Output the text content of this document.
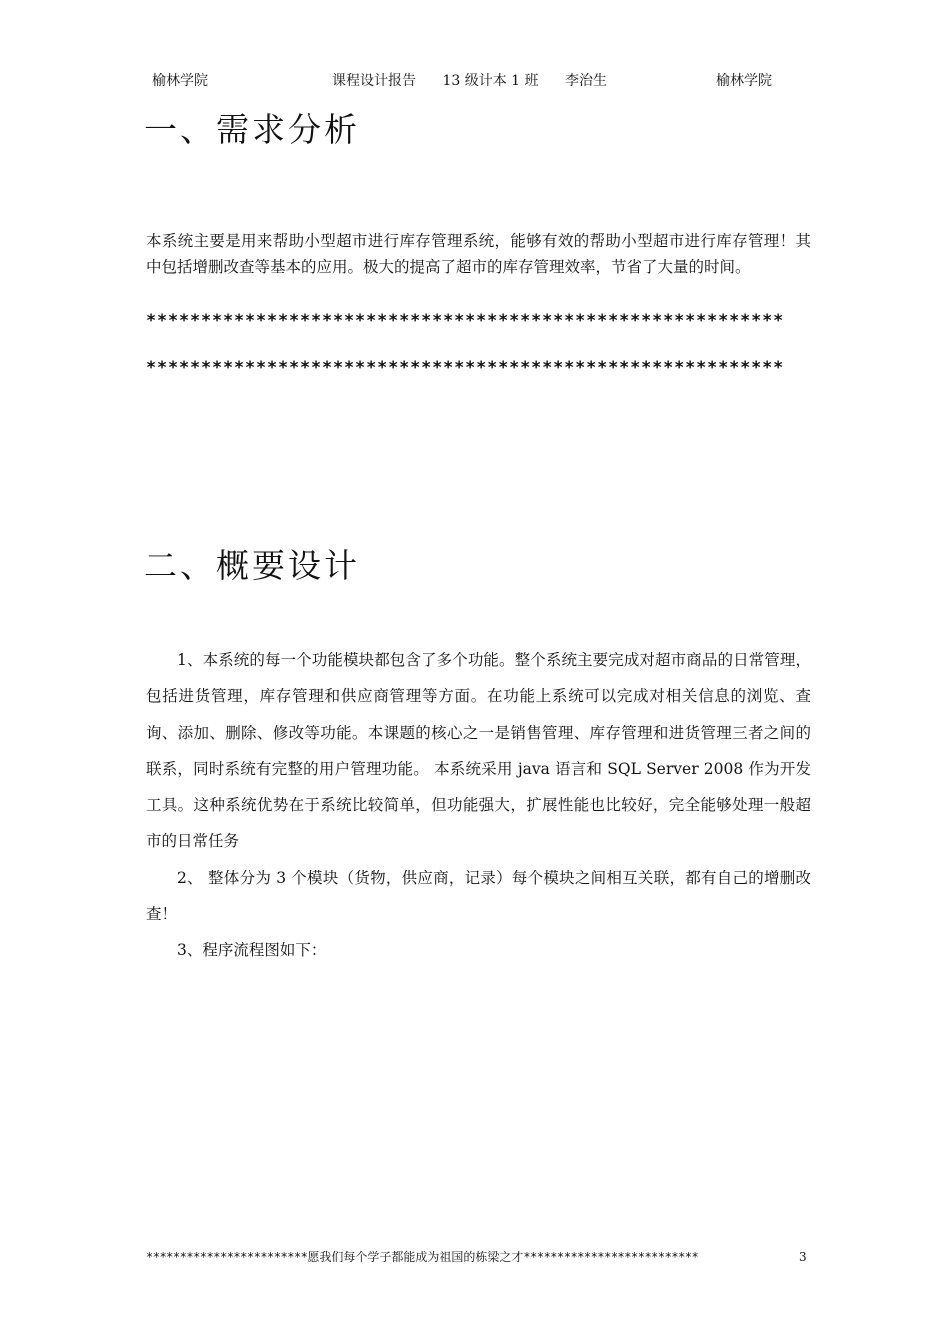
榆林学院	课程设计报告 13 级计本 1 班 李治生	榆林学院
一、需求分析

本系统主要是用来帮助小型超市进行库存管理系统，能够有效的帮助小型超市进行库存管理！其中包括增删改查等基本的应用。极大的提高了超市的库存管理效率，节省了大量的时间。

**********************************************************
**********************************************************
二、概要设计

1、本系统的每一个功能模块都包含了多个功能。整个系统主要完成对超市商品的日常管理，包括进货管理，库存管理和供应商管理等方面。在功能上系统可以完成对相关信息的浏览、查询、添加、删除、修改等功能。本课题的核心之一是销售管理、库存管理和进货管理三者之间的联系，同时系统有完整的用户管理功能。 本系统采用 java 语言和 SQL Server 2008 作为开发工具。这种系统优势在于系统比较简单，但功能强大，扩展性能也比较好，完全能够处理一般超市的日常任务

2、 整体分为 3 个模块（货物，供应商，记录）每个模块之间相互关联，都有自己的增删改查！

3、程序流程图如下：

************************愿我们每个学子都能成为祖国的栋梁之才**************************	3
